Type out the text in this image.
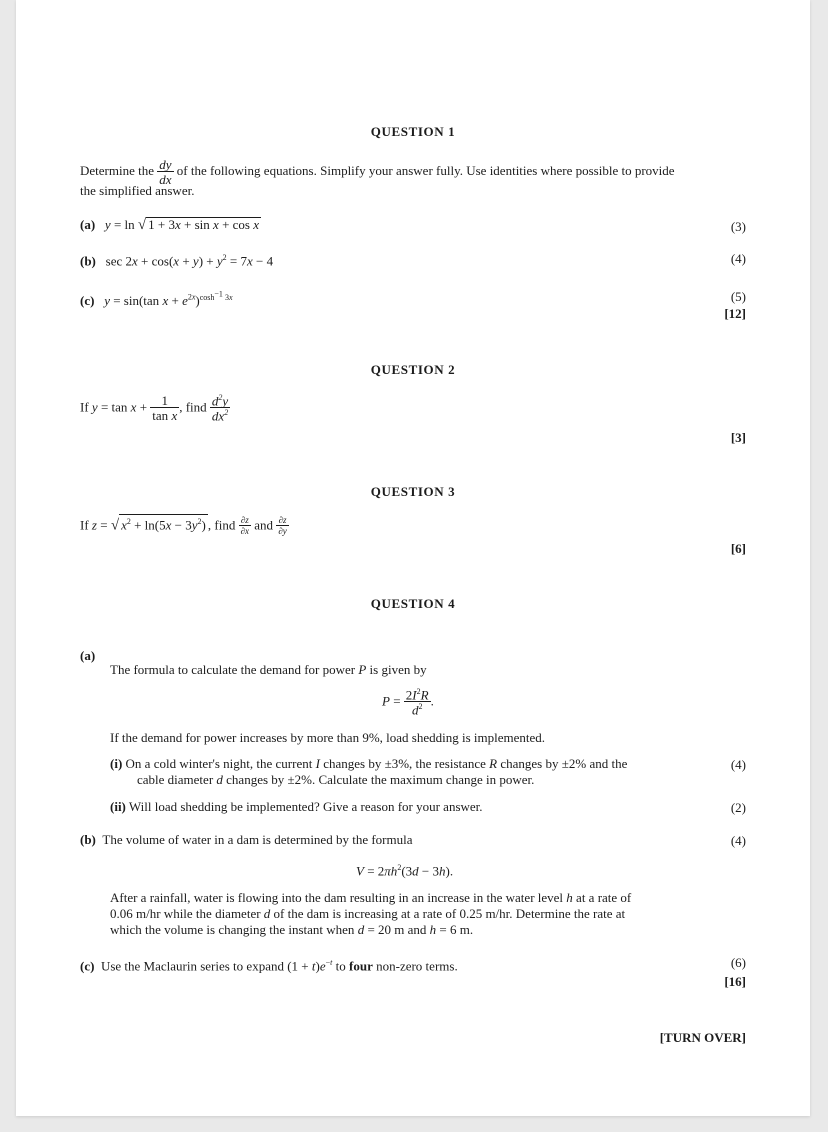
QUESTION 1
Determine the $\frac{dy}{dx}$ of the following equations. Simplify your answer fully. Use identities where possible to provide
the simplified answer.
(a) y = ln √ 1 + 3x + sin x + cos x	(3)
(b)   $\sec 2x + \cos(x + y) + y^2 = 7x - 4$	(4)
(c) y = sin(tan $x + e^{2x})^{cosh^{-1} 3x}$	(5)
[12]
QUESTION 2
If $y = \tan x + \frac{1}{\text{tan x}}$ , find $\frac{d^2y}{dx^2}$
[3]
QUESTION 3
If z = √ $x^2 + \ln(5x - 3y^2)$ , find $\frac{\partial z}{\partial x}$ and $\frac{\partial z}{\partial y}$
[6]
QUESTION 4
(a)
The formula to calculate the demand for power P is given by
$P = \frac{2I^2R}{d^2}$ .
If the demand for power increases by more than 9%, load shedding is implemented.
(i) On a cold winter's night, the current I changes by ±3%, the resistance R changes by ±2% and the
cable diameter d changes by ±2%. Calculate the maximum change in power.
(4)
(ii) Will load shedding be implemented? Give a reason for your answer.	(2)
(b) The volume of water in a dam is determined by the formula	(4)
$V = 2\pi h^2(3d - 3h)$.
After a rainfall, water is flowing into the dam resulting in an increase in the water level h at a rate of
0.06 m/hr while the diameter d of the dam is increasing at a rate of 0.25 m/hr. Determine the rate at
which the volume is changing the instant when d = 20 m and h = 6 m.
(c) Use the Maclaurin series to expand $(1 + t)e^{-t}$ to four non-zero terms.	(6)
[16]
[TURN OVER]
